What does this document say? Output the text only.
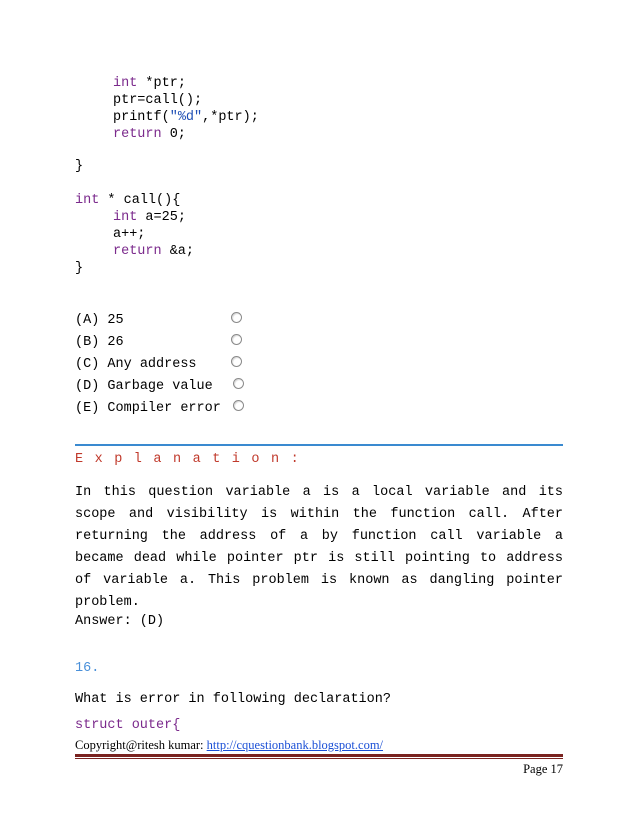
int *ptr;
ptr=call();
printf("%d",*ptr);
return 0;
}
int * call(){
int a=25;
a++;
return &a;
}
(A) 25
(B) 26
(C) Any address
(D) Garbage value
(E) Compiler error
Explanation:
In this question variable a is a local variable and its scope and visibility is within the function call. After returning the address of a by function call variable a became dead while pointer ptr is still pointing to address of variable a. This problem is known as dangling pointer problem.
Answer: (D)
16.
What is error in following declaration?
struct outer{
Copyright@ritesh kumar: http://cquestionbank.blogspot.com/
Page 17
